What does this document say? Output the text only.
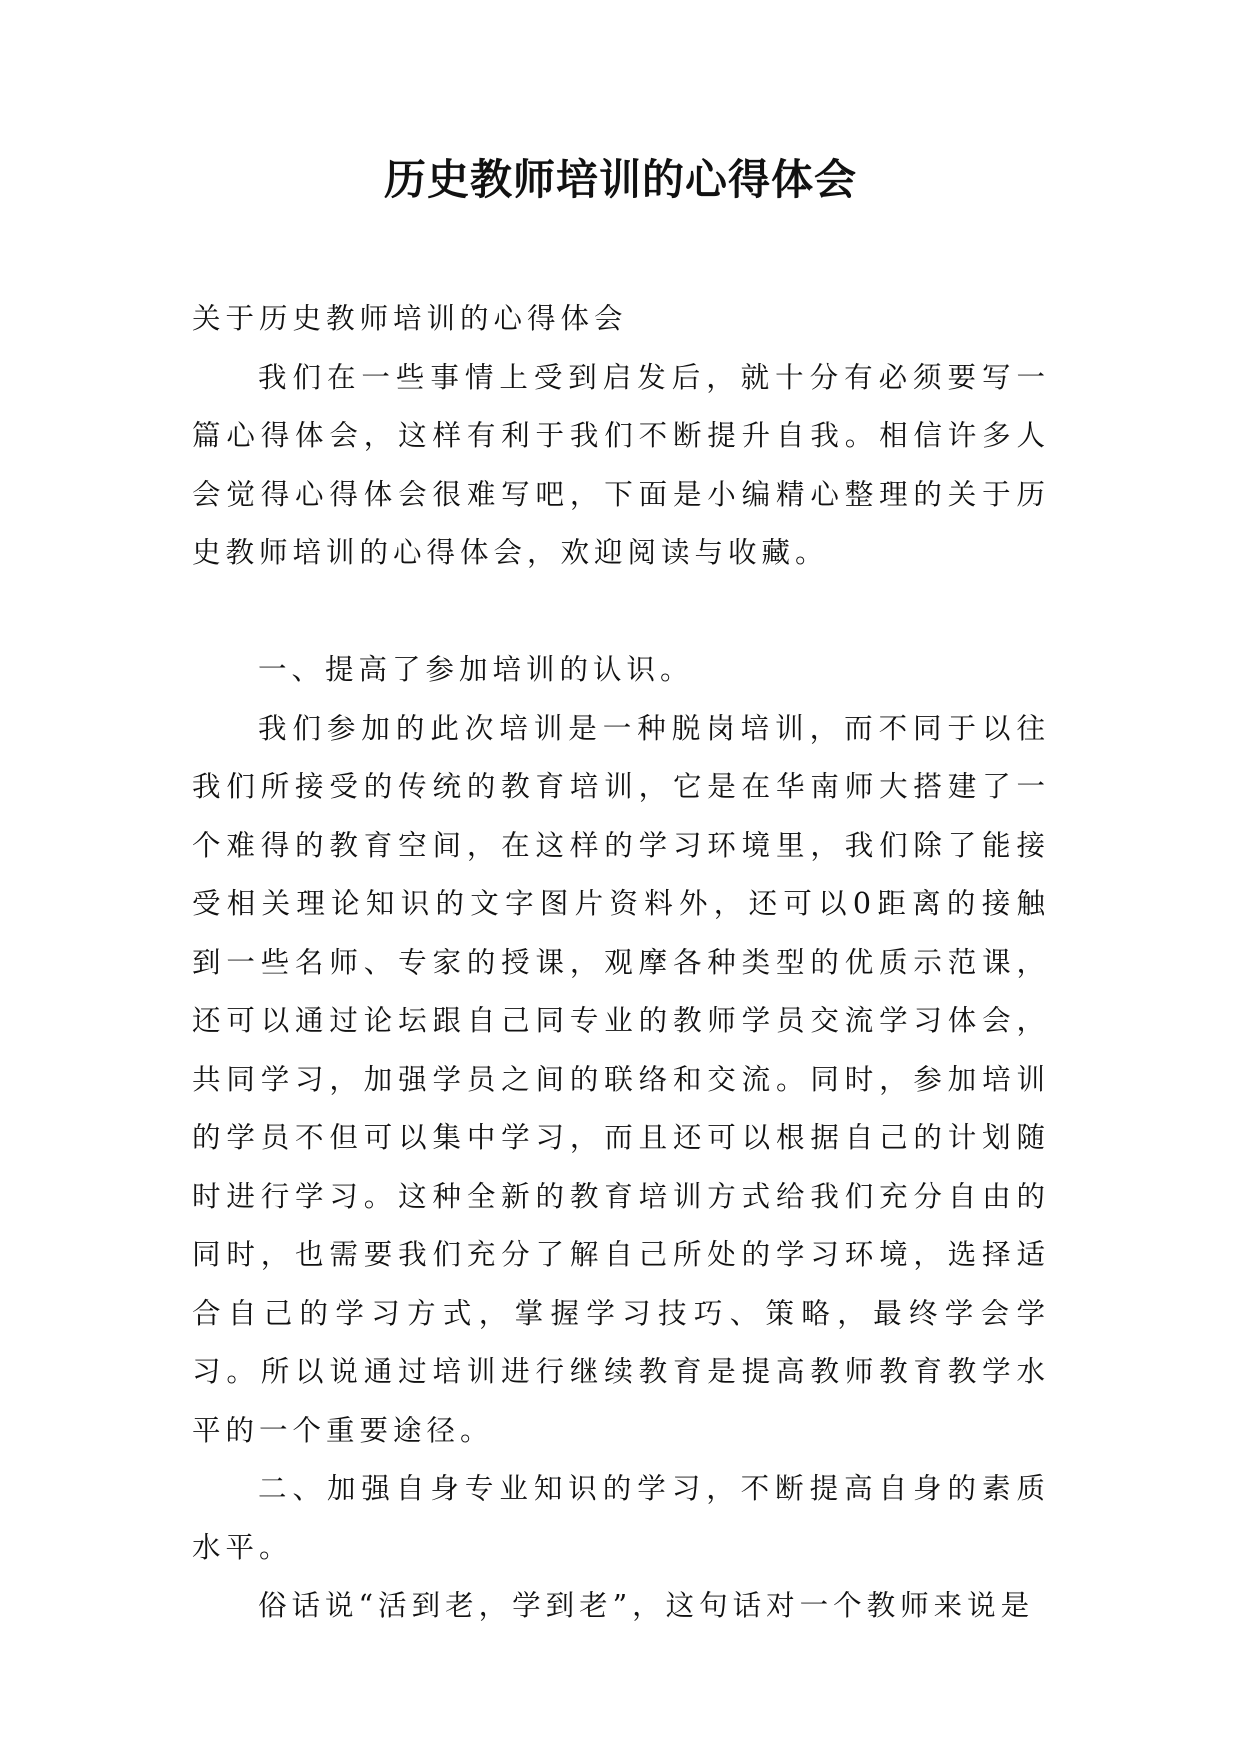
历史教师培训的心得体会

关于历史教师培训的心得体会

我们在一些事情上受到启发后，就十分有必须要写一篇心得体会，这样有利于我们不断提升自我。相信许多人会觉得心得体会很难写吧，下面是小编精心整理的关于历史教师培训的心得体会，欢迎阅读与收藏。

一、提高了参加培训的认识。

我们参加的此次培训是一种脱岗培训，而不同于以往我们所接受的传统的教育培训，它是在华南师大搭建了一个难得的教育空间，在这样的学习环境里，我们除了能接受相关理论知识的文字图片资料外，还可以0距离的接触到一些名师、专家的授课，观摩各种类型的优质示范课，还可以通过论坛跟自己同专业的教师学员交流学习体会，共同学习，加强学员之间的联络和交流。同时，参加培训的学员不但可以集中学习，而且还可以根据自己的计划随时进行学习。这种全新的教育培训方式给我们充分自由的同时，也需要我们充分了解自己所处的学习环境，选择适合自己的学习方式，掌握学习技巧、策略，最终学会学习。所以说通过培训进行继续教育是提高教师教育教学水平的一个重要途径。

二、加强自身专业知识的学习，不断提高自身的素质水平。

俗话说“活到老，学到老”，这句话对一个教师来说是
